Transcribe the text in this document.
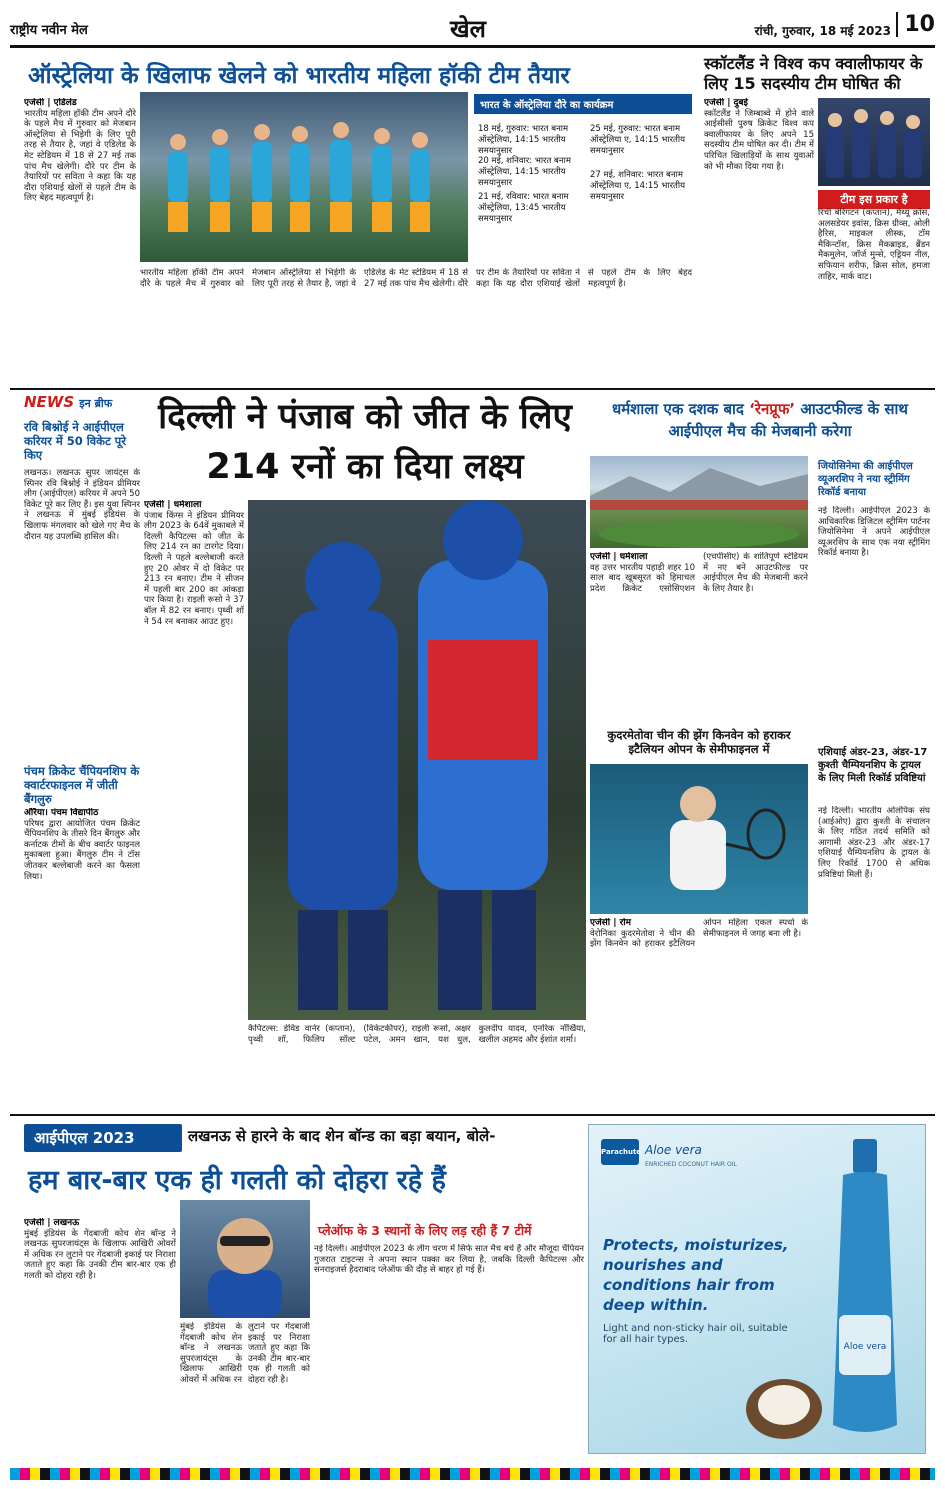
राष्ट्रीय नवीन मेल	खेल	रांची, गुरुवार, 18 मई 2023 10
ऑस्ट्रेलिया के खिलाफ खेलने को भारतीय महिला हॉकी टीम तैयार
एजेंसी | एडिलेड
भारतीय महिला हॉकी टीम अपने दौरे के पहले मैच में गुरुवार को मेजबान ऑस्ट्रेलिया से भिड़ेगी के लिए पूरी तरह से तैयार है, जहां वे एडिलेड के मेट स्टेडियम में 18 से 27 मई तक पांच मैच खेलेगी। दौरे पर टीम के तैयारियों पर सविता ने कहा कि यह दौरा एशियाई खेलों से पहले टीम के लिए बेहद महत्वपूर्ण है।
भारत के ऑस्ट्रेलिया दौरे का कार्यक्रम
18 मई, गुरुवार: भारत बनाम ऑस्ट्रेलिया, 14:15 भारतीय समयानुसार
20 मई, शनिवार: भारत बनाम ऑस्ट्रेलिया, 14:15 भारतीय समयानुसार
21 मई, रविवार: भारत बनाम ऑस्ट्रेलिया, 13:45 भारतीय समयानुसार
25 मई, गुरुवार: भारत बनाम ऑस्ट्रेलिया ए, 14:15 भारतीय समयानुसार
27 मई, शनिवार: भारत बनाम ऑस्ट्रेलिया ए, 14:15 भारतीय समयानुसार
भारतीय महिला हॉकी टीम अपने दौरे के पहले मैच में गुरुवार को मेजबान ऑस्ट्रेलिया से भिड़ेगी के लिए पूरी तरह से तैयार है, जहां वे एडिलेड के मेट स्टेडियम में 18 से 27 मई तक पांच मैच खेलेगी। दौरे पर टीम के तैयारियों पर सविता ने कहा कि यह दौरा एशियाई खेलों से पहले टीम के लिए बेहद महत्वपूर्ण है।
स्कॉटलैंड ने विश्व कप क्वालीफायर के लिए 15 सदस्यीय टीम घोषित की
एजेंसी | दुबई
स्कॉटलैंड ने जिम्बाब्वे में होने वाले आईसीसी पुरुष क्रिकेट विश्व कप क्वालीफायर के लिए अपने 15 सदस्यीय टीम घोषित कर दी। टीम में परिचित खिलाड़ियों के साथ युवाओं को भी मौका दिया गया है।
टीम इस प्रकार है
रिची बेरिंगटन (कप्तान), मैथ्यू क्रॉस, अलसडेयर इवांस, क्रिस ग्रीव्स, ओली हैरिस, माइकल लीस्क, टॉम मैकिन्टॉश, क्रिस मैकब्राइड, ब्रैंडन मैकमुलेन, जॉर्ज मुन्से, एड्रियन नील, सफियान शरीफ, क्रिस सोल, हमजा ताहिर, मार्क वाट।
NEWS इन ब्रीफ
रवि बिश्नोई ने आईपीएल करियर में 50 विकेट पूरे किए
लखनऊ। लखनऊ सुपर जायंट्स के स्पिनर रवि बिश्नोई ने इंडियन प्रीमियर लीग (आईपीएल) करियर में अपने 50 विकेट पूरे कर लिए हैं। इस युवा स्पिनर ने लखनऊ में मुंबई इंडियंस के खिलाफ मंगलवार को खेले गए मैच के दौरान यह उपलब्धि हासिल की।
पंचम क्रिकेट चैंपियनशिप के क्वार्टरफाइनल में जीती बैंगलुरु
औरैया। पंचम विद्यापीठ
परिषद द्वारा आयोजित पंचम क्रिकेट चैंपियनशिप के तीसरे दिन बैंगलुरु और कर्नाटक टीमों के बीच क्वार्टर फाइनल मुकाबला हुआ। बैंगलुरु टीम ने टॉस जीतकर बल्लेबाजी करने का फैसला लिया।
दिल्ली ने पंजाब को जीत के लिए 214 रनों का दिया लक्ष्य
एजेंसी | धर्मशाला
पंजाब किंग्स ने इंडियन प्रीमियर लीग 2023 के 64वें मुकाबले में दिल्ली कैपिटल्स को जीत के लिए 214 रन का टारगेट दिया। दिल्ली ने पहले बल्लेबाजी करते हुए 20 ओवर में दो विकेट पर 213 रन बनाए। टीम ने सीजन में पहली बार 200 का आंकड़ा पार किया है। राइली रूसो ने 37 बॉल में 82 रन बनाए। पृथ्वी शॉ ने 54 रन बनाकर आउट हुए।
कैपिटल्स: डेविड वार्नर (कप्तान), पृथ्वी शॉ, फिलिप सॉल्ट (विकेटकीपर), राइली रूसो, अक्षर पटेल, अमन खान, यश धुल, कुलदीप यादव, एनरिक नॉर्खिया, खलील अहमद और ईशांत शर्मा।
धर्मशाला एक दशक बाद ‘रेनप्रूफ’ आउटफील्ड के साथ आईपीएल मैच की मेजबानी करेगा
एजेंसी | धर्मशाला
वह उत्तर भारतीय पहाड़ी शहर 10 साल बाद खूबसूरत को हिमाचल प्रदेश क्रिकेट एसोसिएशन (एचपीसीए) के शांतिपूर्ण स्टेडियम में नए बने आउटफील्ड पर आईपीएल मैच की मेजबानी करने के लिए तैयार है।
जियोसिनेमा की आईपीएल व्यूअरशिप ने नया स्ट्रीमिंग रिकॉर्ड बनाया
नई दिल्ली। आईपीएल 2023 के आधिकारिक डिजिटल स्ट्रीमिंग पार्टनर जियोसिनेमा ने अपने आईपीएल व्यूअरशिप के साथ एक नया स्ट्रीमिंग रिकॉर्ड बनाया है।
कुदरमेतोवा चीन की झेंग किनवेन को हराकर इटैलियन ओपन के सेमीफाइनल में
एजेंसी | रोम
वेरोनिका कुदरमेतोवा ने चीन की झेंग किनवेन को हराकर इटैलियन ओपन महिला एकल स्पर्धा के सेमीफाइनल में जगह बना ली है।
एशियाई अंडर-23, अंडर-17 कुश्ती चैम्पियनशिप के ट्रायल के लिए मिली रिकॉर्ड प्रविष्टियां
नई दिल्ली। भारतीय ओलंपिक संघ (आईओए) द्वारा कुश्ती के संचालन के लिए गठित तदर्थ समिति को आगामी अंडर-23 और अंडर-17 एशियाई चैम्पियनशिप के ट्रायल के लिए रिकॉर्ड 1700 से अधिक प्रविष्टियां मिली हैं।
आईपीएल 2023	लखनऊ से हारने के बाद शेन बॉन्ड का बड़ा बयान, बोले-
हम बार-बार एक ही गलती को दोहरा रहे हैं
एजेंसी | लखनऊ
मुंबई इंडियंस के गेंदबाजी कोच शेन बॉन्ड ने लखनऊ सुपरजायंट्स के खिलाफ आखिरी ओवरों में अधिक रन लुटाने पर गेंदबाजी इकाई पर निराशा जताते हुए कहा कि उनकी टीम बार-बार एक ही गलती को दोहरा रही है।
मुंबई इंडियंस के गेंदबाजी कोच शेन बॉन्ड ने लखनऊ सुपरजायंट्स के खिलाफ आखिरी ओवरों में अधिक रन लुटाने पर गेंदबाजी इकाई पर निराशा जताते हुए कहा कि उनकी टीम बार-बार एक ही गलती को दोहरा रही है।
प्लेऑफ के 3 स्थानों के लिए लड़ रही हैं 7 टीमें
नई दिल्ली। आईपीएल 2023 के लीग चरण में सिर्फ सात मैच बचे हैं और मौजूदा चैंपियन गुजरात टाइटन्स ने अपना स्थान पक्का कर लिया है, जबकि दिल्ली कैपिटल्स और सनराइजर्स हैदराबाद प्लेऑफ की दौड़ से बाहर हो गई हैं।
Parachute Aloe vera
ENRICHED COCONUT HAIR OIL
Protects, moisturizes, nourishes and conditions hair from deep within.
Light and non-sticky hair oil, suitable for all hair types.
Aloe vera
